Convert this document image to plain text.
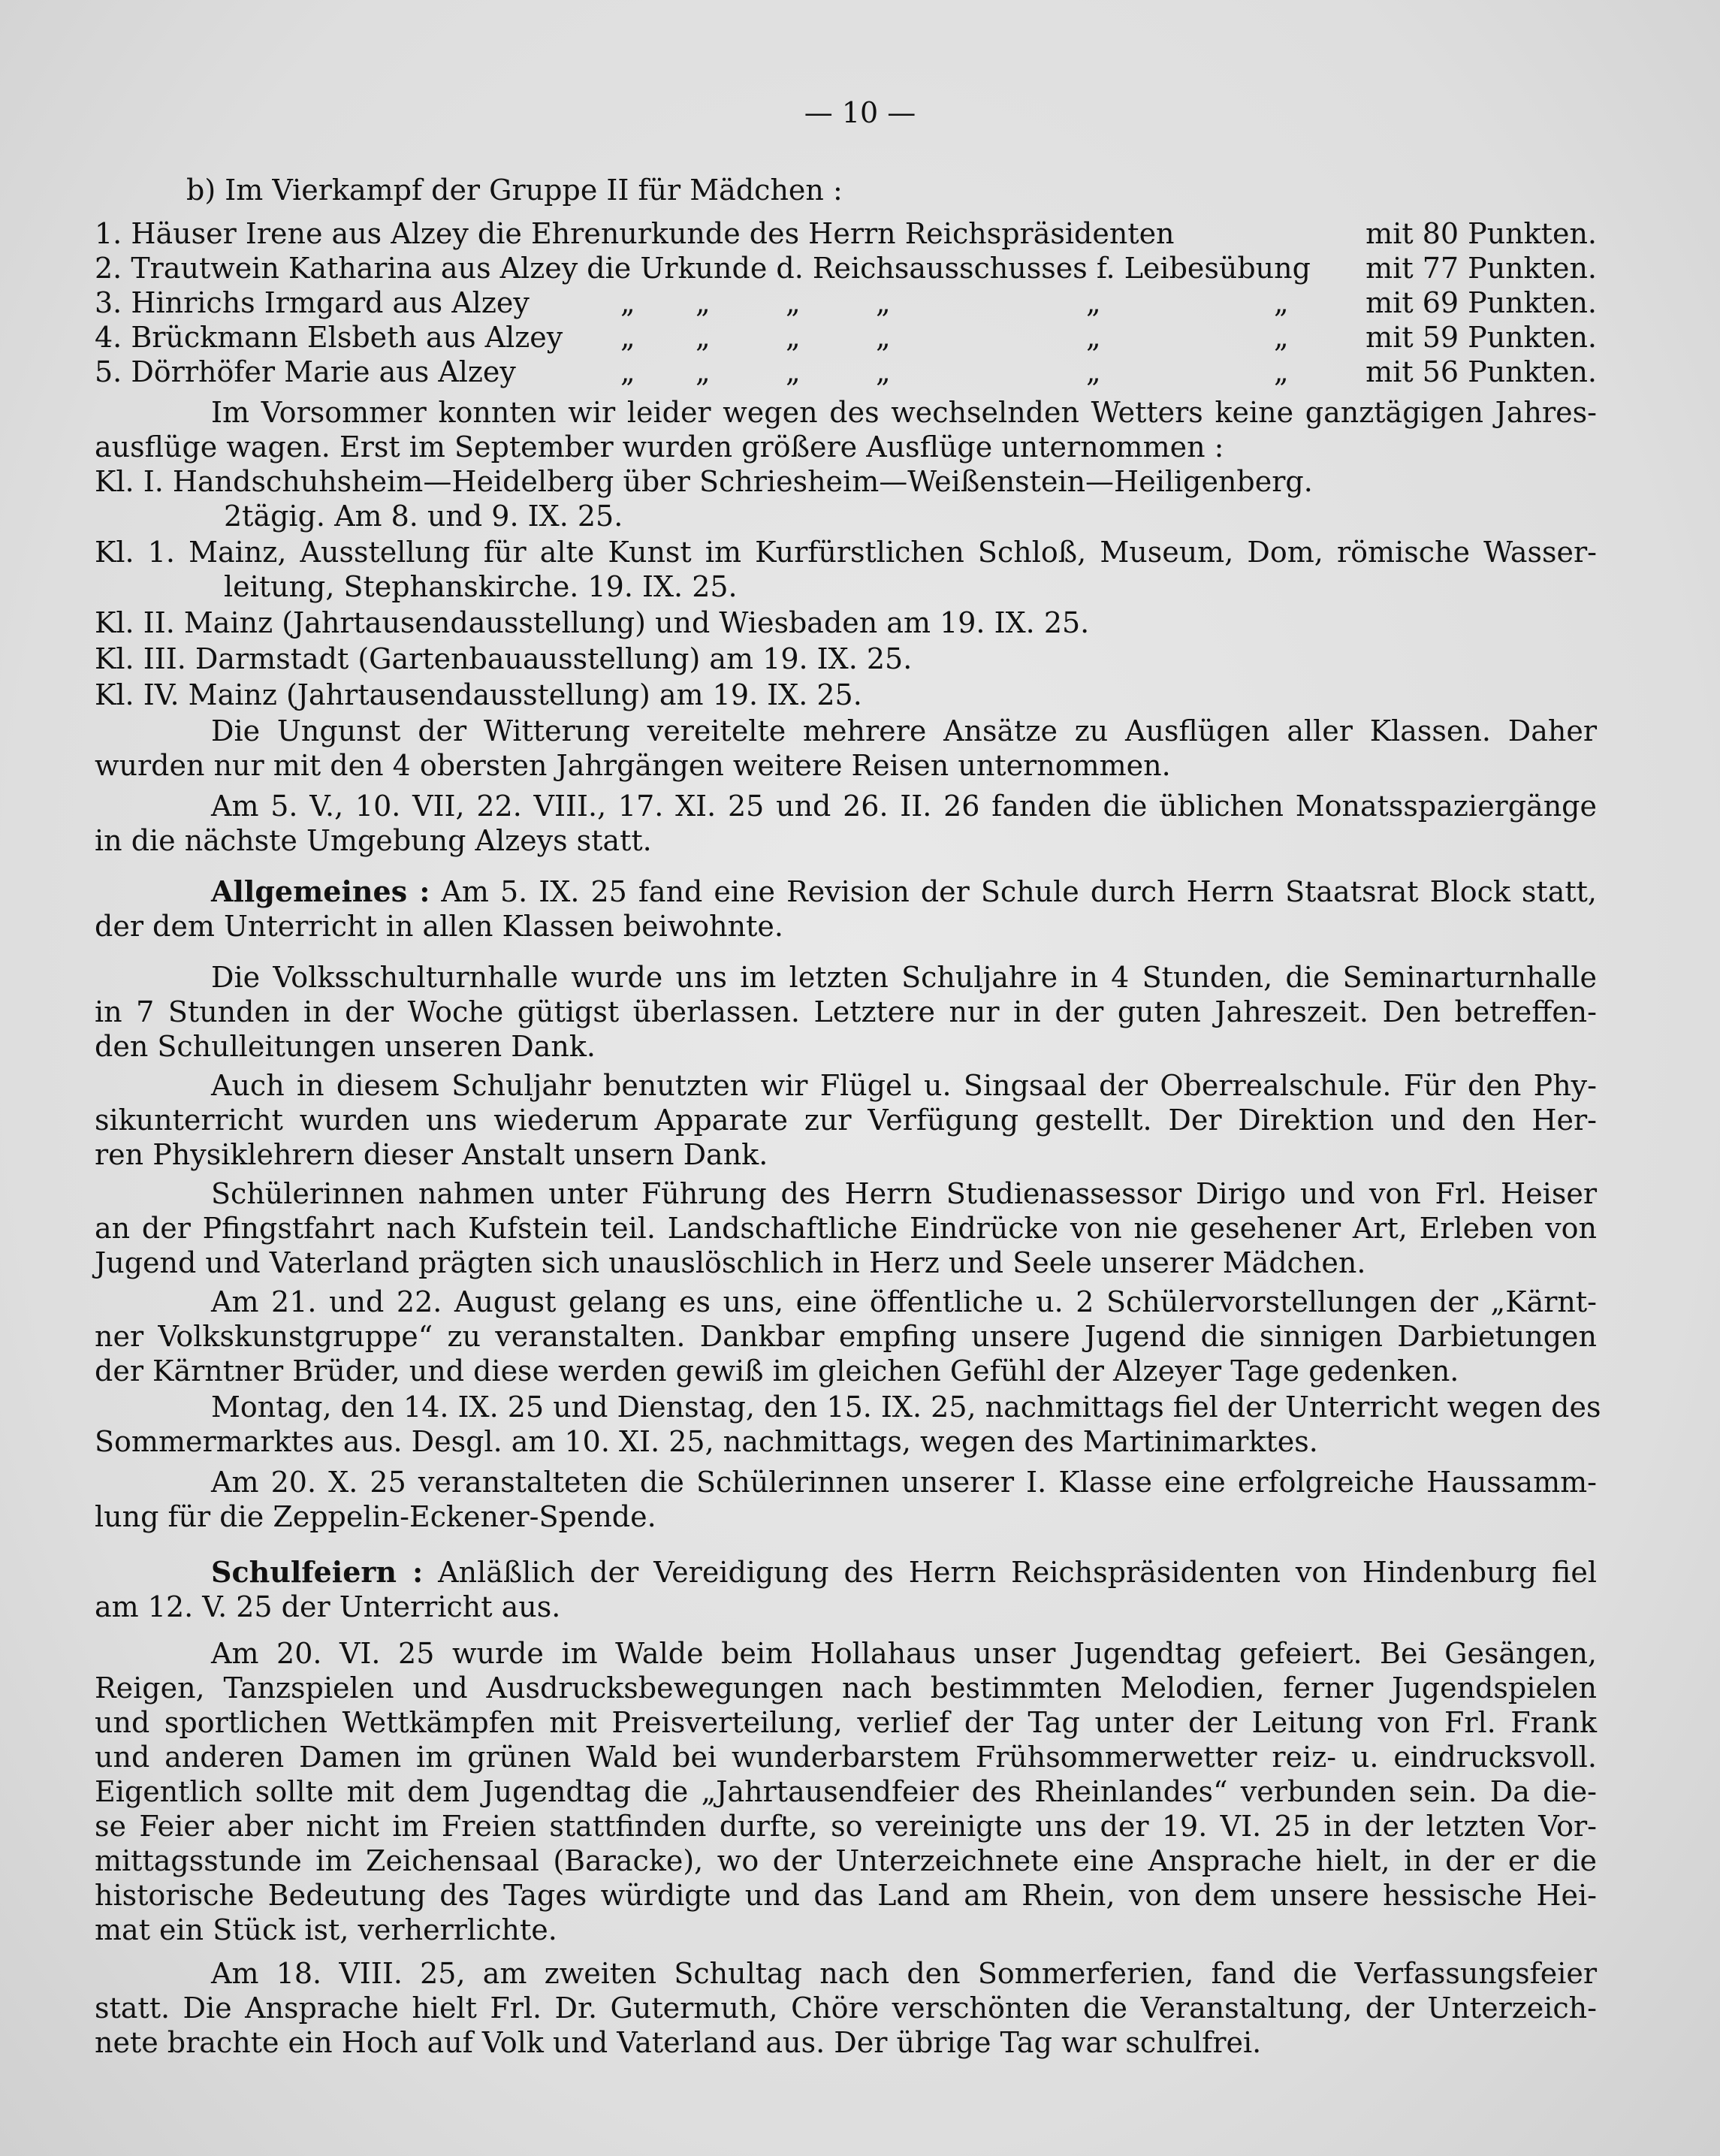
— 10 —
b) Im Vierkampf der Gruppe II für Mädchen :
1. Häuser Irene aus Alzey die Ehrenurkunde des Herrn Reichspräsidenten	mit 80 Punkten.
2. Trautwein Katharina aus Alzey die Urkunde d. Reichsausschusses f. Leibesübung mit 77 Punkten.
3. Hinrichs Irmgard aus Alzey	„ „	„	„	„	„	mit 69 Punkten.
4. Brückmann Elsbeth aus Alzey „ „	„	„	„	„	mit 59 Punkten.
5. Dörrhöfer Marie aus Alzey	„ „	„	„	„	„	mit 56 Punkten.
Im Vorsommer konnten wir leider wegen des wechselnden Wetters keine ganztägigen Jahres-
ausflüge wagen. Erst im September wurden größere Ausflüge unternommen :
Kl. I. Handschuhsheim—Heidelberg über Schriesheim—Weißenstein—Heiligenberg.
2tägig. Am 8. und 9. IX. 25.
Kl. 1. Mainz, Ausstellung für alte Kunst im Kurfürstlichen Schloß, Museum, Dom, römische Wasser-
leitung, Stephanskirche. 19. IX. 25.
Kl. II. Mainz (Jahrtausendausstellung) und Wiesbaden am 19. IX. 25.
Kl. III. Darmstadt (Gartenbauausstellung) am 19. IX. 25.
Kl. IV. Mainz (Jahrtausendausstellung) am 19. IX. 25.
Die Ungunst der Witterung vereitelte mehrere Ansätze zu Ausflügen aller Klassen. Daher
wurden nur mit den 4 obersten Jahrgängen weitere Reisen unternommen.
Am 5. V., 10. VII, 22. VIII., 17. XI. 25 und 26. II. 26 fanden die üblichen Monatsspaziergänge
in die nächste Umgebung Alzeys statt.
Allgemeines : Am 5. IX. 25 fand eine Revision der Schule durch Herrn Staatsrat Block statt,
der dem Unterricht in allen Klassen beiwohnte.
Die Volksschulturnhalle wurde uns im letzten Schuljahre in 4 Stunden, die Seminarturnhalle
in 7 Stunden in der Woche gütigst überlassen. Letztere nur in der guten Jahreszeit. Den betreffen-
den Schulleitungen unseren Dank.
Auch in diesem Schuljahr benutzten wir Flügel u. Singsaal der Oberrealschule. Für den Phy-
sikunterricht wurden uns wiederum Apparate zur Verfügung gestellt. Der Direktion und den Her-
ren Physiklehrern dieser Anstalt unsern Dank.
Schülerinnen nahmen unter Führung des Herrn Studienassessor Dirigo und von Frl. Heiser
an der Pfingstfahrt nach Kufstein teil. Landschaftliche Eindrücke von nie gesehener Art, Erleben von
Jugend und Vaterland prägten sich unauslöschlich in Herz und Seele unserer Mädchen.
Am 21. und 22. August gelang es uns, eine öffentliche u. 2 Schülervorstellungen der „Kärnt-
ner Volkskunstgruppe“ zu veranstalten. Dankbar empfing unsere Jugend die sinnigen Darbietungen
der Kärntner Brüder, und diese werden gewiß im gleichen Gefühl der Alzeyer Tage gedenken.
Montag, den 14. IX. 25 und Dienstag, den 15. IX. 25, nachmittags fiel der Unterricht wegen des
Sommermarktes aus. Desgl. am 10. XI. 25, nachmittags, wegen des Martinimarktes.
Am 20. X. 25 veranstalteten die Schülerinnen unserer I. Klasse eine erfolgreiche Haussamm-
lung für die Zeppelin-Eckener-Spende.
Schulfeiern : Anläßlich der Vereidigung des Herrn Reichspräsidenten von Hindenburg fiel
am 12. V. 25 der Unterricht aus.
Am 20. VI. 25 wurde im Walde beim Hollahaus unser Jugendtag gefeiert. Bei Gesängen,
Reigen, Tanzspielen und Ausdrucksbewegungen nach bestimmten Melodien, ferner Jugendspielen
und sportlichen Wettkämpfen mit Preisverteilung, verlief der Tag unter der Leitung von Frl. Frank
und anderen Damen im grünen Wald bei wunderbarstem Frühsommerwetter reiz- u. eindrucksvoll.
Eigentlich sollte mit dem Jugendtag die „Jahrtausendfeier des Rheinlandes“ verbunden sein. Da die-
se Feier aber nicht im Freien stattfinden durfte, so vereinigte uns der 19. VI. 25 in der letzten Vor-
mittagsstunde im Zeichensaal (Baracke), wo der Unterzeichnete eine Ansprache hielt, in der er die
historische Bedeutung des Tages würdigte und das Land am Rhein, von dem unsere hessische Hei-
mat ein Stück ist, verherrlichte.
Am 18. VIII. 25, am zweiten Schultag nach den Sommerferien, fand die Verfassungsfeier
statt. Die Ansprache hielt Frl. Dr. Gutermuth, Chöre verschönten die Veranstaltung, der Unterzeich-
nete brachte ein Hoch auf Volk und Vaterland aus. Der übrige Tag war schulfrei.
